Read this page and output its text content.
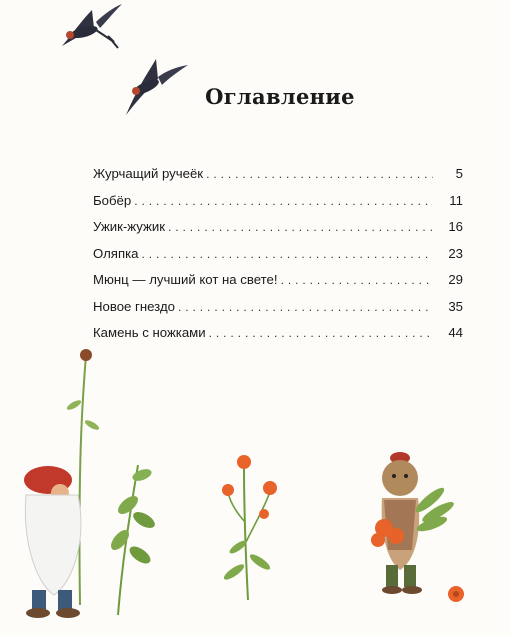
Оглавление
Журчащий ручеёк . . .	5
Бобёр . . .	11
Ужик-жужик . . .	16
Оляпка . . .	23
Мюнц — лучший кот на свете! . . .	29
Новое гнездо . . .	35
Камень с ножками . . .	44
